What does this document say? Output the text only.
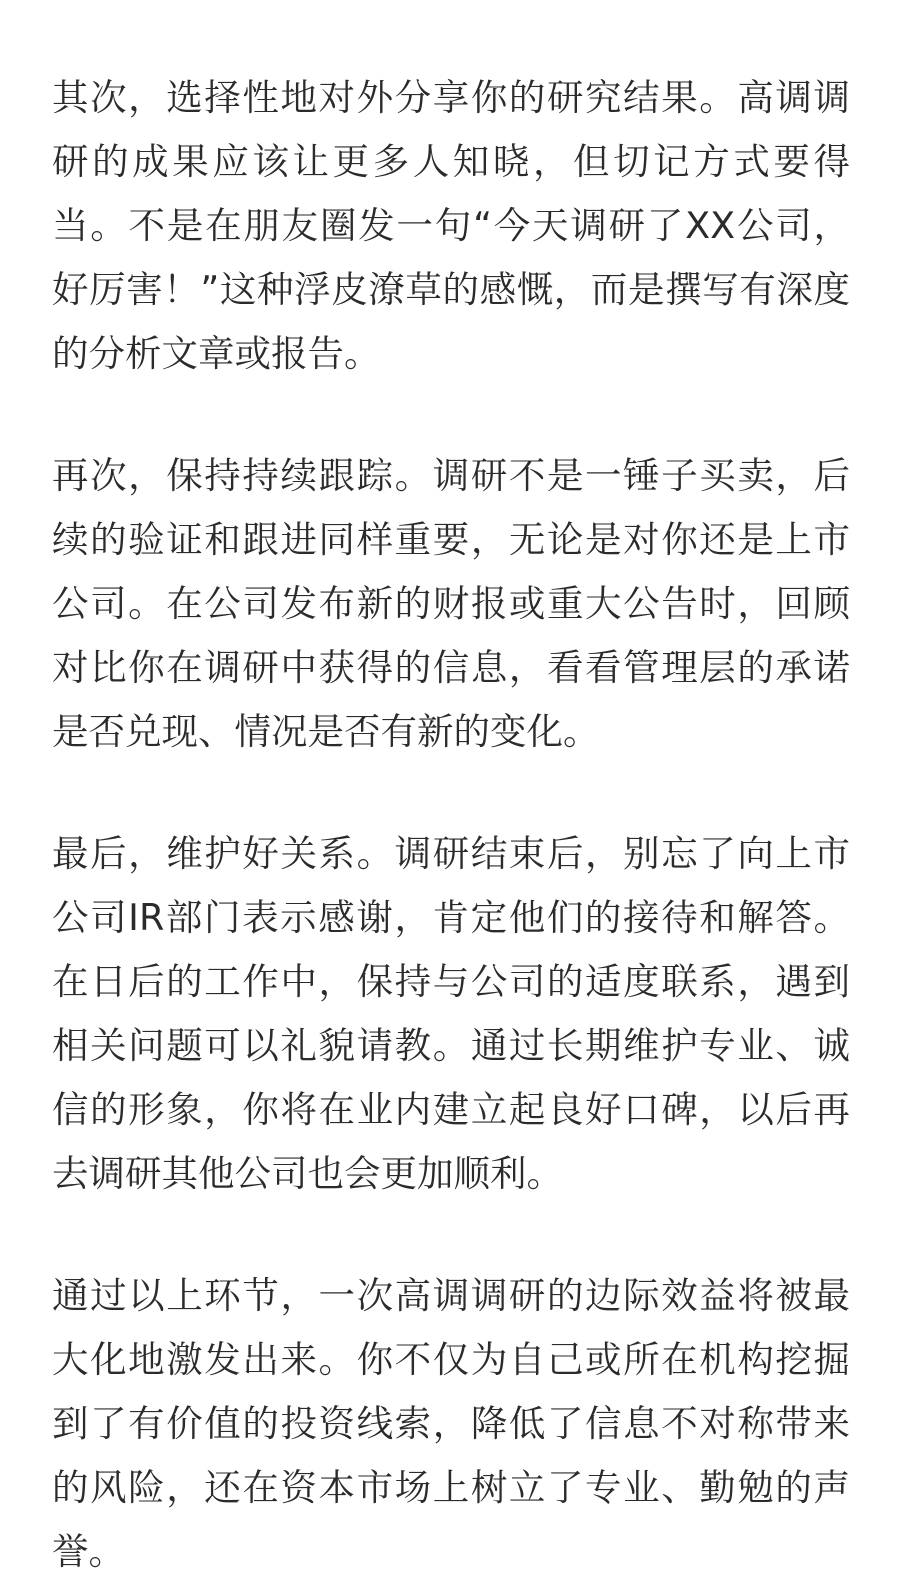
其次，选择性地对外分享你的研究结果。高调调研的成果应该让更多人知晓，但切记方式要得当。不是在朋友圈发一句“今天调研了XX公司，好厉害！”这种浮皮潦草的感慨，而是撰写有深度的分析文章或报告。

再次，保持持续跟踪。调研不是一锤子买卖，后续的验证和跟进同样重要，无论是对你还是上市公司。在公司发布新的财报或重大公告时，回顾对比你在调研中获得的信息，看看管理层的承诺是否兑现、情况是否有新的变化。

最后，维护好关系。调研结束后，别忘了向上市公司IR部门表示感谢，肯定他们的接待和解答。在日后的工作中，保持与公司的适度联系，遇到相关问题可以礼貌请教。通过长期维护专业、诚信的形象，你将在业内建立起良好口碑，以后再去调研其他公司也会更加顺利。

通过以上环节，一次高调调研的边际效益将被最大化地激发出来。你不仅为自己或所在机构挖掘到了有价值的投资线索，降低了信息不对称带来的风险，还在资本市场上树立了专业、勤勉的声誉。
